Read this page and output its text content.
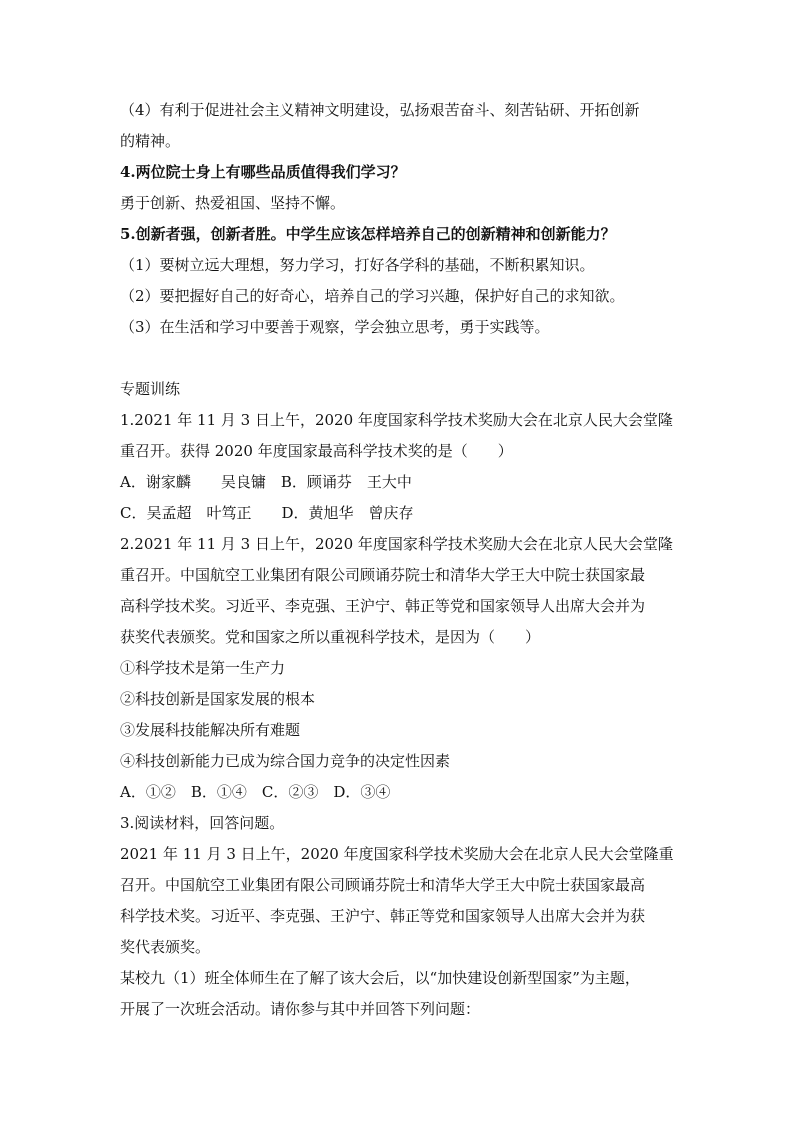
（4）有利于促进社会主义精神文明建设，弘扬艰苦奋斗、刻苦钻研、开拓创新

的精神。

4.两位院士身上有哪些品质值得我们学习？

勇于创新、热爱祖国、坚持不懈。

5.创新者强，创新者胜。中学生应该怎样培养自己的创新精神和创新能力？

（1）要树立远大理想，努力学习，打好各学科的基础，不断积累知识。

（2）要把握好自己的好奇心，培养自己的学习兴趣，保护好自己的求知欲。

（3）在生活和学习中要善于观察，学会独立思考，勇于实践等。

专题训练

1.2021 年 11 月 3 日上午，2020 年度国家科学技术奖励大会在北京人民大会堂隆

重召开。获得 2020 年度国家最高科学技术奖的是（　　）

A．谢家麟　　吴良镛　B．顾诵芬　王大中

C．吴孟超　叶笃正　　D．黄旭华　曾庆存

2.2021 年 11 月 3 日上午，2020 年度国家科学技术奖励大会在北京人民大会堂隆

重召开。中国航空工业集团有限公司顾诵芬院士和清华大学王大中院士获国家最

高科学技术奖。习近平、李克强、王沪宁、韩正等党和国家领导人出席大会并为

获奖代表颁奖。党和国家之所以重视科学技术，是因为（　　）

①科学技术是第一生产力

②科技创新是国家发展的根本

③发展科技能解决所有难题

④科技创新能力已成为综合国力竞争的决定性因素

A．①②　B．①④　C．②③　D．③④

3.阅读材料，回答问题。

2021 年 11 月 3 日上午，2020 年度国家科学技术奖励大会在北京人民大会堂隆重

召开。中国航空工业集团有限公司顾诵芬院士和清华大学王大中院士获国家最高

科学技术奖。习近平、李克强、王沪宁、韩正等党和国家领导人出席大会并为获

奖代表颁奖。

某校九（1）班全体师生在了解了该大会后，以“加快建设创新型国家”为主题，

开展了一次班会活动。请你参与其中并回答下列问题：
